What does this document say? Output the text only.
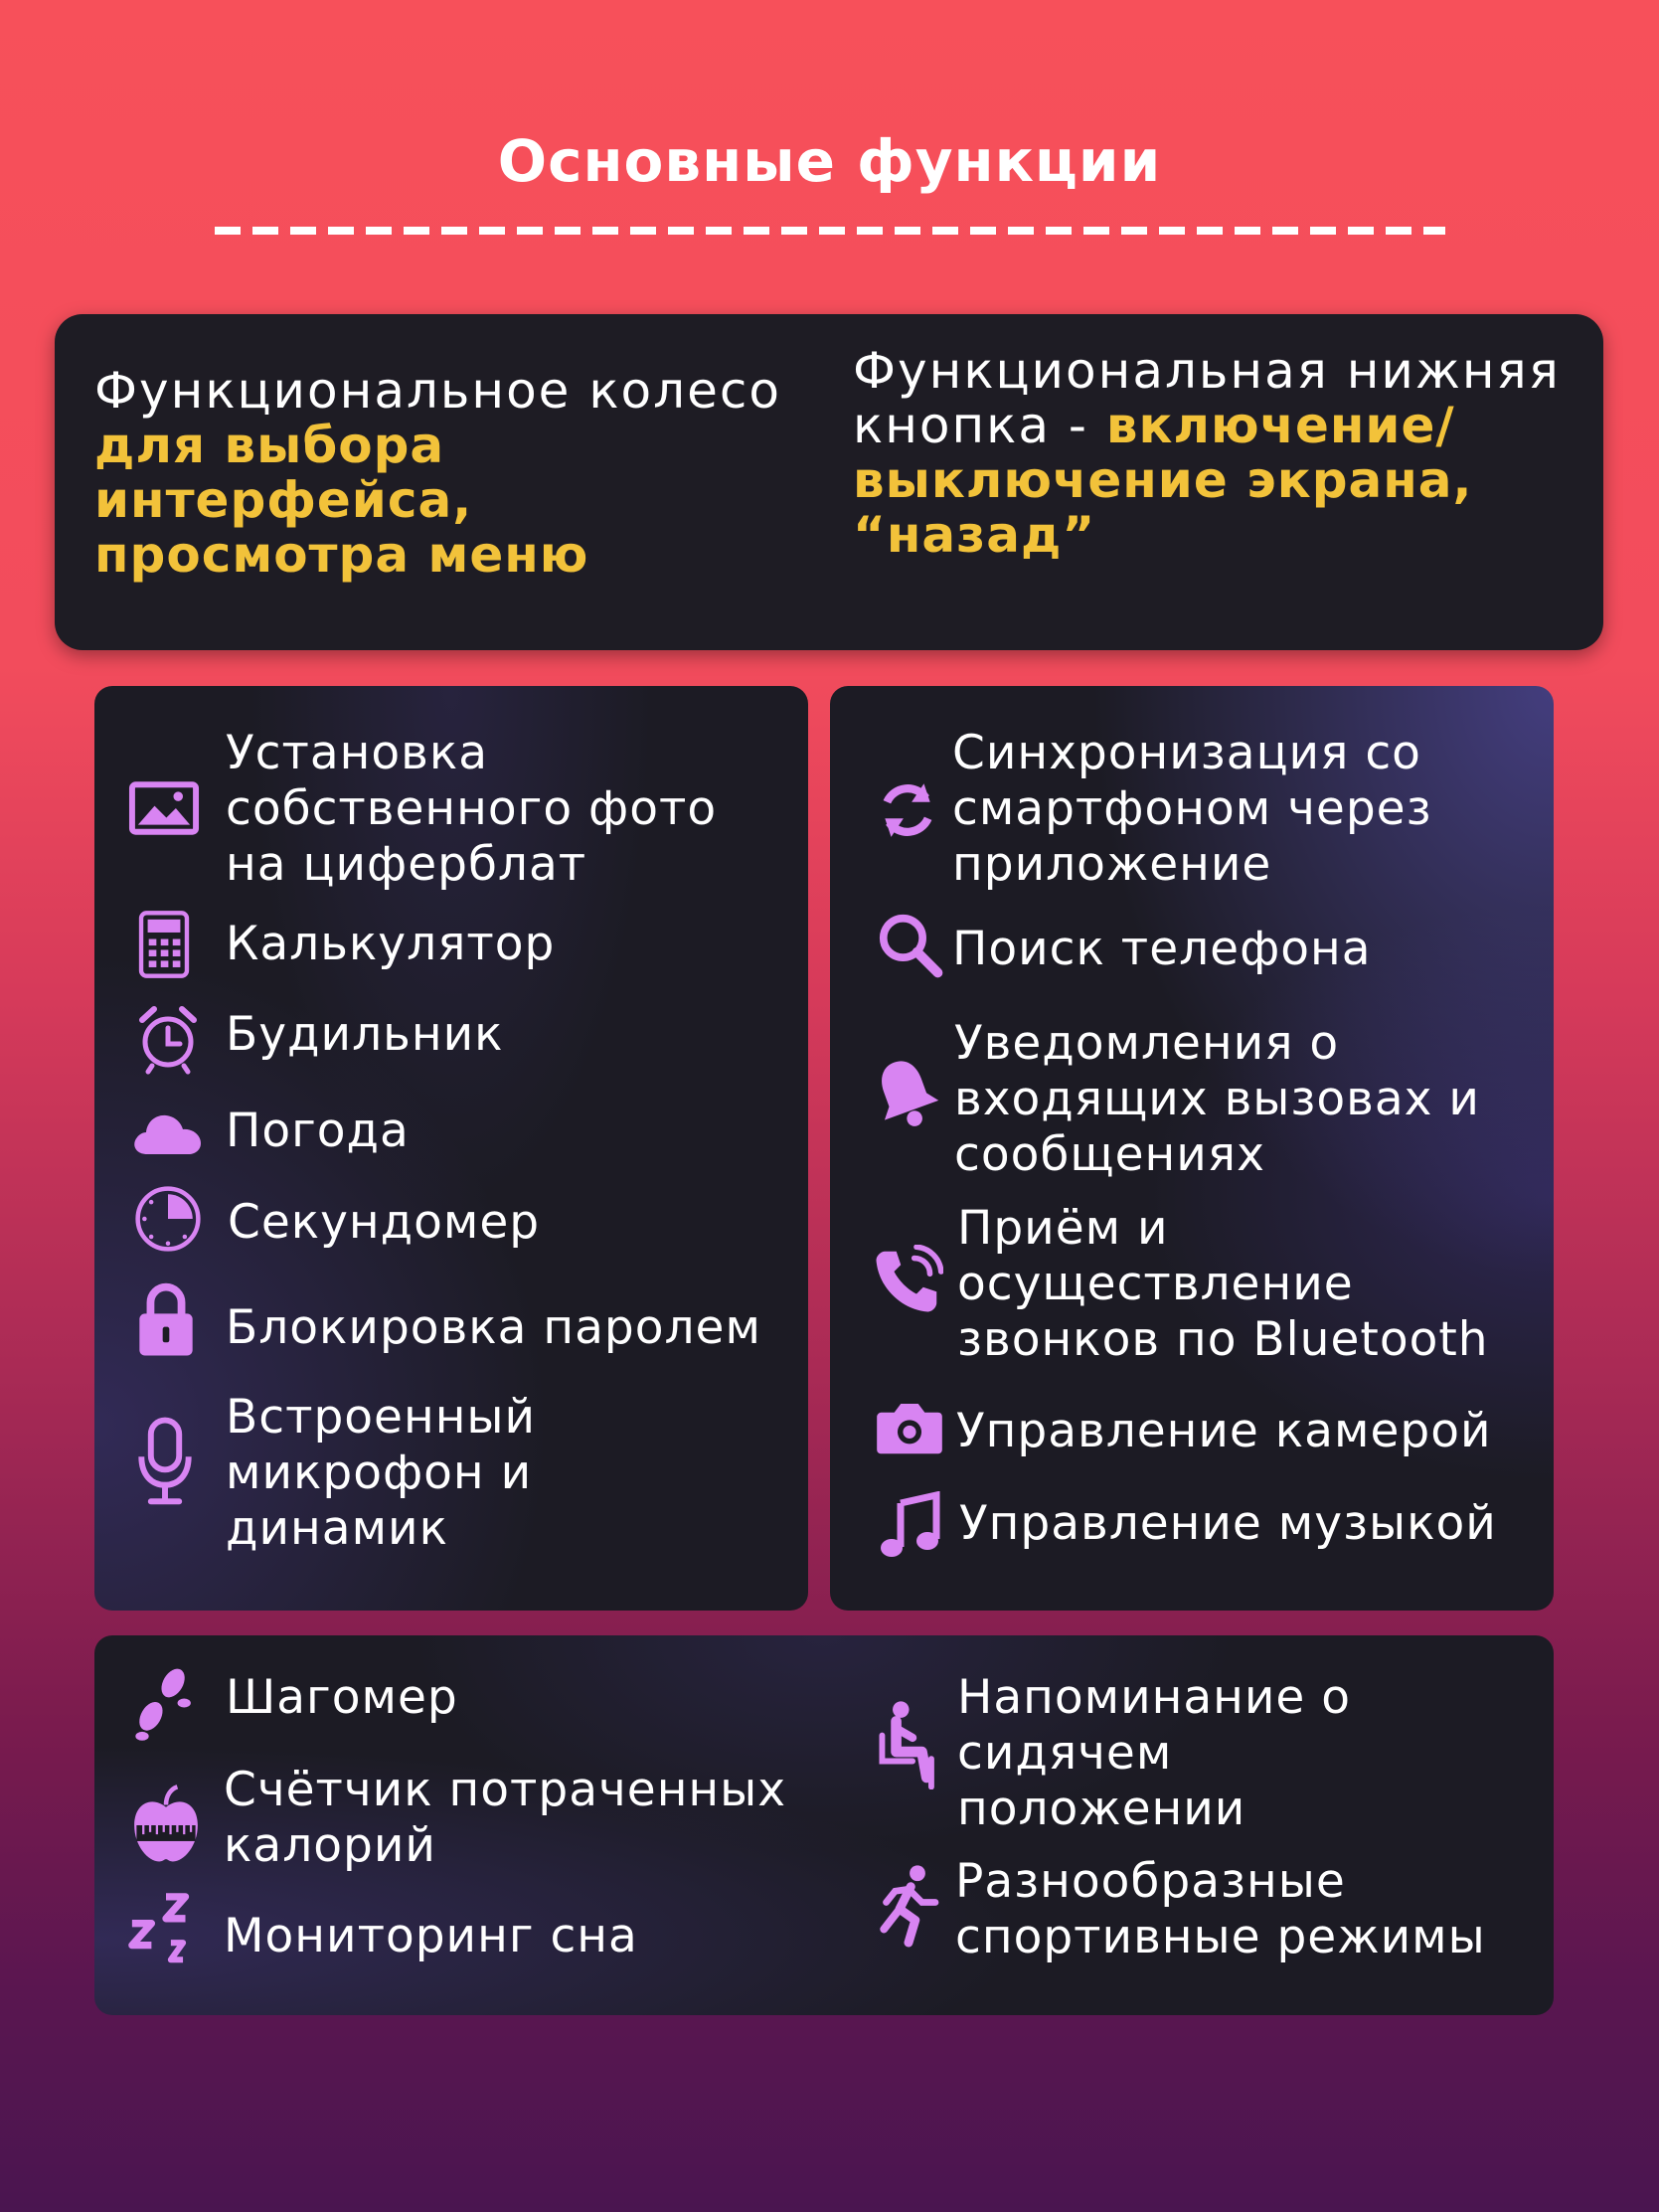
Основные функции
Функциональное колесо для выбора интерфейса, просмотра меню
Функциональная нижняя кнопка - включение/ выключение экрана, “назад”
Установка собственного фото на циферблат
Калькулятор
Будильник
Погода
Секундомер
Блокировка паролем
Встроенный микрофон и динамик
Синхронизация со смартфоном через приложение
Поиск телефона
Уведомления о входящих вызовах и сообщениях
Приём и осуществление звонков по Bluetooth
Управление камерой
Управление музыкой
Шагомер
Счётчик потраченных калорий
Мониторинг сна
Напоминание о сидячем положении
Разнообразные спортивные режимы
